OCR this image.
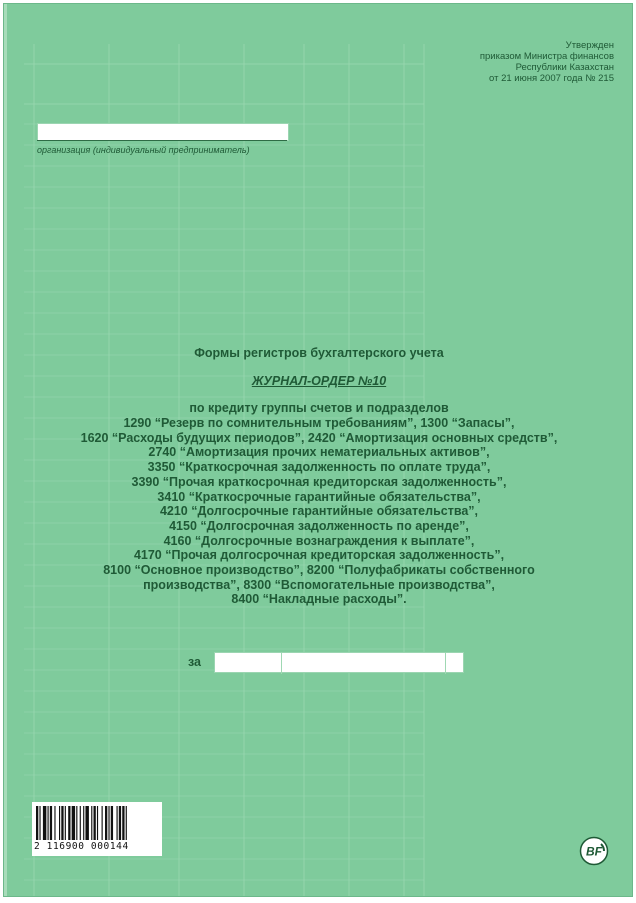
Утвержден
приказом Министра финансов
Республики Казахстан
от 21 июня 2007 года № 215
организация (индивидуальный предприниматель)
Формы регистров бухгалтерского учета
ЖУРНАЛ-ОРДЕР №10
по кредиту группы счетов и подразделов
1290 “Резерв по сомнительным требованиям”, 1300 “Запасы”,
1620 “Расходы будущих периодов”, 2420 “Амортизация основных средств”,
2740 “Амортизация прочих нематериальных активов”,
3350 “Краткосрочная задолженность по оплате труда”,
3390 “Прочая краткосрочная кредиторская задолженность”,
3410 “Краткосрочные гарантийные обязательства”,
4210 “Долгосрочные гарантийные обязательства”,
4150 “Долгосрочная задолженность по аренде”,
4160 “Долгосрочные вознаграждения к выплате”,
4170 “Прочая долгосрочная кредиторская задолженность”,
8100 “Основное производство”, 8200 “Полуфабрикаты собственного
производства”, 8300 “Вспомогательные производства”,
8400 “Накладные расходы”.
за
2 116900 000144	BF
